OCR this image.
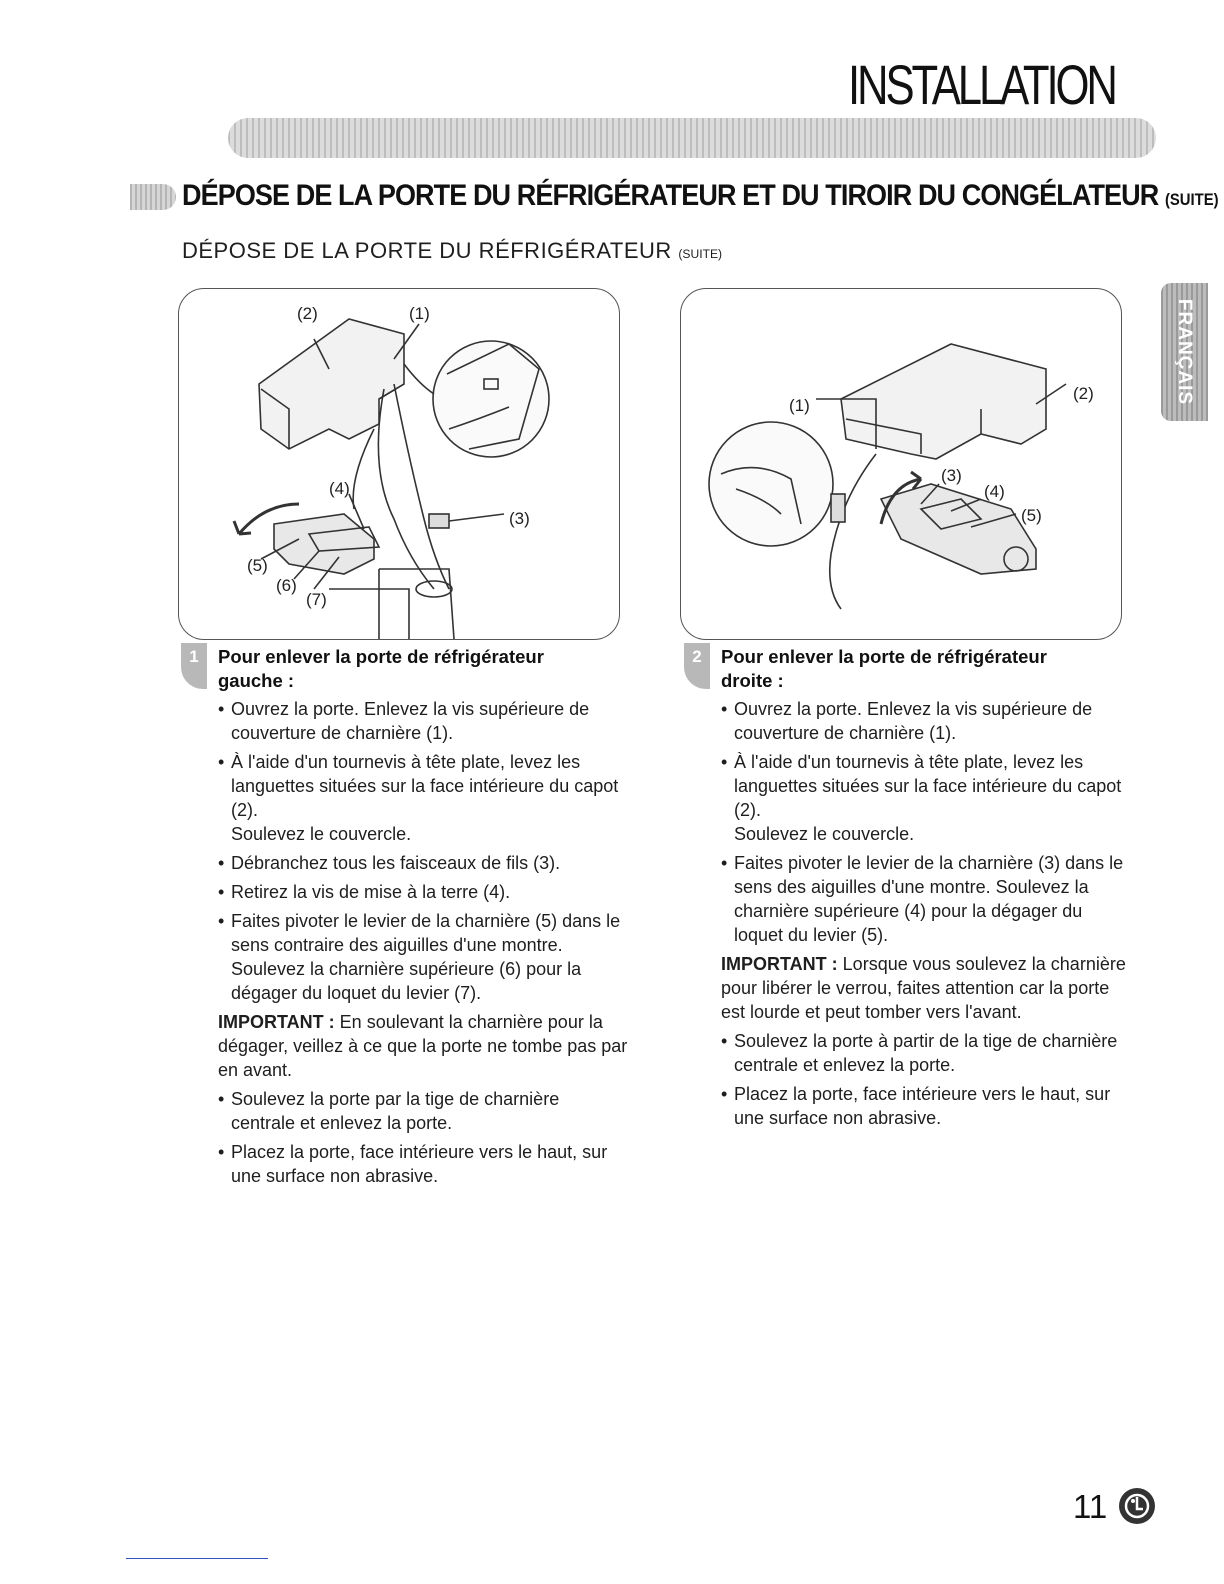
INSTALLATION
DÉPOSE DE LA PORTE DU RÉFRIGÉRATEUR ET DU TIROIR DU CONGÉLATEUR (SUITE)
DÉPOSE DE LA PORTE DU RÉFRIGÉRATEUR (SUITE)
FRANÇAIS
(2)	(1)
(4)
(3)
(5)
(6)
(7)
(1)
(2)
(3)
(4)
(5)
1	Pour enlever la porte de réfrigérateur gauche :
• Ouvrez la porte. Enlevez la vis supérieure de couverture de charnière (1).
• À l'aide d'un tournevis à tête plate, levez les languettes situées sur la face intérieure du capot (2).
Soulevez le couvercle.
• Débranchez tous les faisceaux de fils (3).
• Retirez la vis de mise à la terre (4).
• Faites pivoter le levier de la charnière (5) dans le sens contraire des aiguilles d'une montre. Soulevez la charnière supérieure (6) pour la dégager du loquet du levier (7).

IMPORTANT : En soulevant la charnière pour la dégager, veillez à ce que la porte ne tombe pas par en avant.

• Soulevez la porte par la tige de charnière centrale et enlevez la porte.
• Placez la porte, face intérieure vers le haut, sur une surface non abrasive.
2	Pour enlever la porte de réfrigérateur droite :
• Ouvrez la porte. Enlevez la vis supérieure de couverture de charnière (1).
• À l'aide d'un tournevis à tête plate, levez les languettes situées sur la face intérieure du capot (2).
Soulevez le couvercle.
• Faites pivoter le levier de la charnière (3) dans le sens des aiguilles d'une montre. Soulevez la charnière supérieure (4) pour la dégager du loquet du levier (5).

IMPORTANT : Lorsque vous soulevez la charnière pour libérer le verrou, faites attention car la porte est lourde et peut tomber vers l'avant.

• Soulevez la porte à partir de la tige de charnière centrale et enlevez la porte.
• Placez la porte, face intérieure vers le haut, sur une surface non abrasive.
11
